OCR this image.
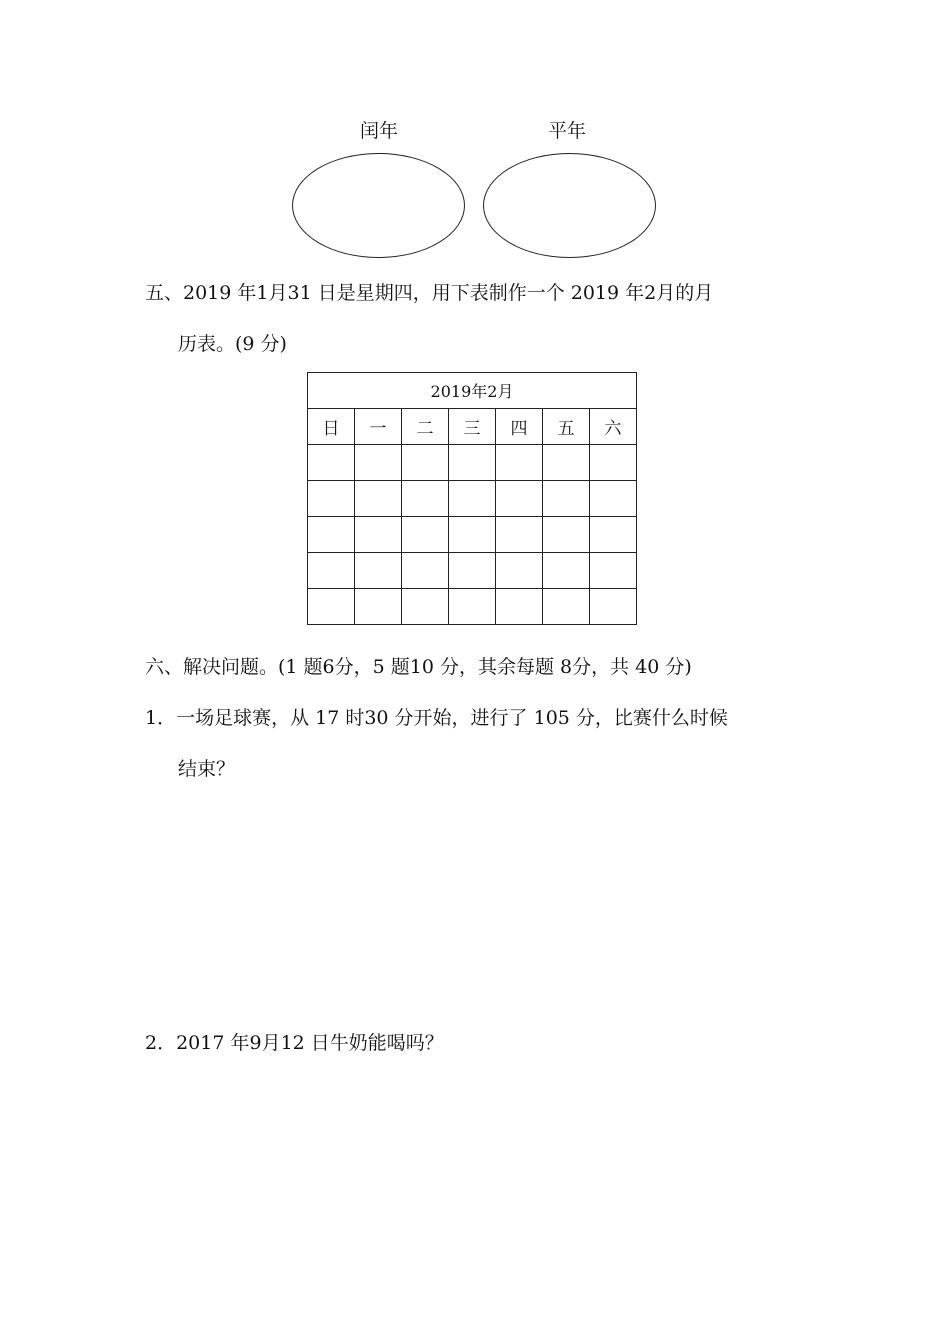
闰年	平年
五、2019 年1月31 日是星期四，用下表制作一个 2019 年2月的月
历表。(9 分)
2019年2月						
日	一	二	三	四	五	六

六、解决问题。(1 题6分，5 题10 分，其余每题 8分，共 40 分)
1．一场足球赛，从 17 时30 分开始，进行了 105 分，比赛什么时候
结束？
2．2017 年9月12 日牛奶能喝吗？
